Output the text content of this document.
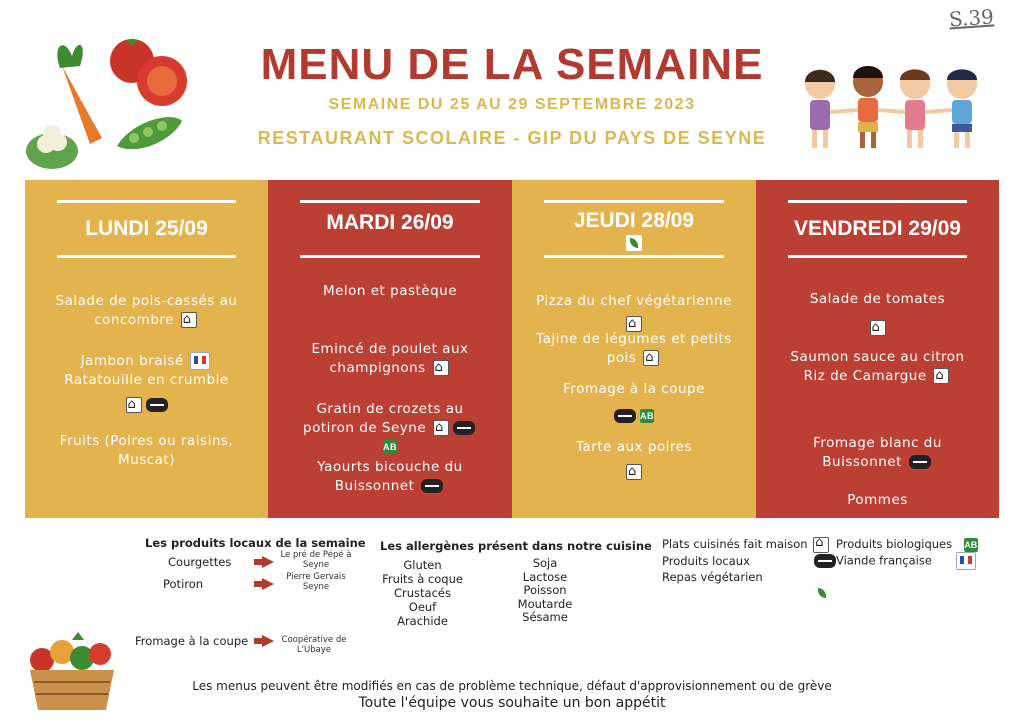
S.39
MENU DE LA SEMAINE
SEMAINE DU 25 AU 29 SEPTEMBRE 2023
RESTAURANT SCOLAIRE - GIP DU PAYS DE SEYNE
LUNDI 25/09
Salade de pois-cassés au
concombre ⌂
Jambon braisé
Ratatouille en crumble
⌂
Fruits (Poires ou raisins,
Muscat)
MARDI 26/09
Melon et pastèque
Emincé de poulet aux
champignons ⌂
Gratin de crozets au
potiron de Seyne ⌂
AB
Yaourts bicouche du
Buissonnet
JEUDI 28/09
Pizza du chef végétarienne
⌂
Tajine de légumes et petits
pois ⌂
Fromage à la coupe
AB
Tarte aux poires
⌂
VENDREDI 29/09
Salade de tomates
⌂
Saumon sauce au citron
Riz de Camargue ⌂
Fromage blanc du
Buissonnet
Pommes
Les produits locaux de la semaine
Courgettes	Le pré de Pépé à
Seyne
Potiron	Pierre Gervais
Seyne
Fromage à la coupe	Coopérative de
L'Ubaye
Les allergènes présent dans notre cuisine
Gluten
Fruits à coque
Crustacés
Oeuf
Arachide
Soja
Lactose
Poisson
Moutarde
Sésame
Plats cuisinés fait maison ⌂
Produits locaux
Repas végétarien
Produits biologiques AB
Viande française
Les menus peuvent être modifiés en cas de problème technique, défaut d'approvisionnement ou de grève
Toute l'équipe vous souhaite un bon appétit
